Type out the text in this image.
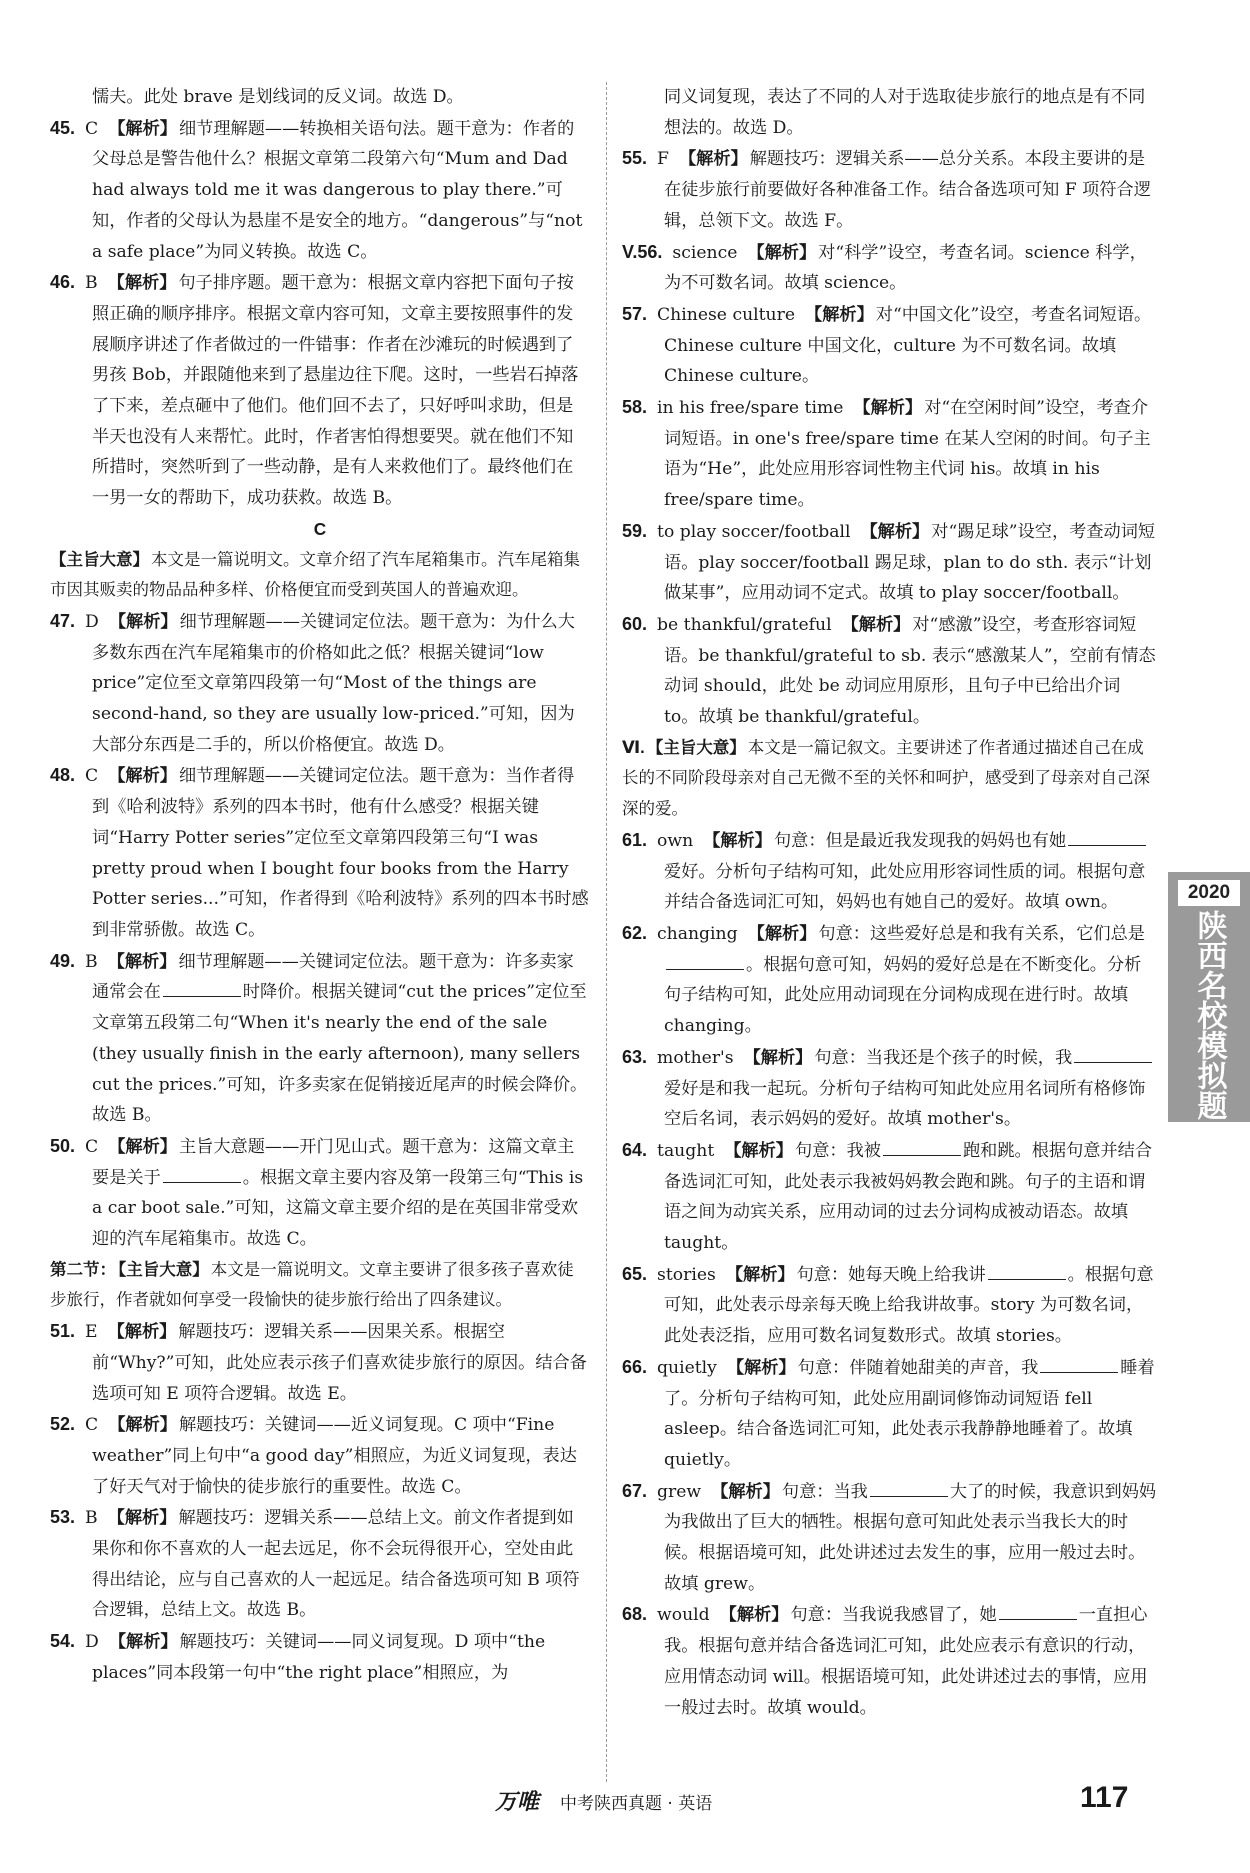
懦夫。此处 brave 是划线词的反义词。故选 D。

45. C 【解析】 细节理解题——转换相关语句法。题干意为：作者的父母总是警告他什么？根据文章第二段第六句“Mum and Dad had always told me it was dangerous to play there.”可知，作者的父母认为悬崖不是安全的地方。“dangerous”与“not a safe place”为同义转换。故选 C。

46. B 【解析】 句子排序题。题干意为：根据文章内容把下面句子按照正确的顺序排序。根据文章内容可知，文章主要按照事件的发展顺序讲述了作者做过的一件错事：作者在沙滩玩的时候遇到了男孩 Bob，并跟随他来到了悬崖边往下爬。这时，一些岩石掉落了下来，差点砸中了他们。他们回不去了，只好呼叫求助，但是半天也没有人来帮忙。此时，作者害怕得想要哭。就在他们不知所措时，突然听到了一些动静，是有人来救他们了。最终他们在一男一女的帮助下，成功获救。故选 B。

C

【主旨大意】 本文是一篇说明文。文章介绍了汽车尾箱集市。汽车尾箱集市因其贩卖的物品品种多样、价格便宜而受到英国人的普遍欢迎。

47. D 【解析】 细节理解题——关键词定位法。题干意为：为什么大多数东西在汽车尾箱集市的价格如此之低？根据关键词“low price”定位至文章第四段第一句“Most of the things are second-hand, so they are usually low-priced.”可知，因为大部分东西是二手的，所以价格便宜。故选 D。

48. C 【解析】 细节理解题——关键词定位法。题干意为：当作者得到《哈利波特》系列的四本书时，他有什么感受？根据关键词“Harry Potter series”定位至文章第四段第三句“I was pretty proud when I bought four books from the Harry Potter series...”可知，作者得到《哈利波特》系列的四本书时感到非常骄傲。故选 C。

49. B 【解析】 细节理解题——关键词定位法。题干意为：许多卖家通常会在	时降价。根据关键词“cut the prices”定位至文章第五段第二句“When it's nearly the end of the sale (they usually finish in the early afternoon), many sellers cut the prices.”可知，许多卖家在促销接近尾声的时候会降价。故选 B。

50. C 【解析】 主旨大意题——开门见山式。题干意为：这篇文章主要是关于	。根据文章主要内容及第一段第三句“This is a car boot sale.”可知，这篇文章主要介绍的是在英国非常受欢迎的汽车尾箱集市。故选 C。

第二节： 【主旨大意】 本文是一篇说明文。文章主要讲了很多孩子喜欢徒步旅行，作者就如何享受一段愉快的徒步旅行给出了四条建议。

51. E 【解析】 解题技巧：逻辑关系——因果关系。根据空前“Why?”可知，此处应表示孩子们喜欢徒步旅行的原因。结合备选项可知 E 项符合逻辑。故选 E。

52. C 【解析】 解题技巧：关键词——近义词复现。C 项中“Fine weather”同上句中“a good day”相照应，为近义词复现，表达了好天气对于愉快的徒步旅行的重要性。故选 C。

53. B 【解析】 解题技巧：逻辑关系——总结上文。前文作者提到如果你和你不喜欢的人一起去远足，你不会玩得很开心，空处由此得出结论，应与自己喜欢的人一起远足。结合备选项可知 B 项符合逻辑，总结上文。故选 B。

54. D 【解析】 解题技巧：关键词——同义词复现。D 项中“the places”同本段第一句中“the right place”相照应，为

同义词复现，表达了不同的人对于选取徒步旅行的地点是有不同想法的。故选 D。

55. F 【解析】 解题技巧：逻辑关系——总分关系。本段主要讲的是在徒步旅行前要做好各种准备工作。结合备选项可知 F 项符合逻辑，总领下文。故选 F。

V.56. science 【解析】 对“科学”设空，考查名词。science 科学，为不可数名词。故填 science。

57. Chinese culture 【解析】 对“中国文化”设空，考查名词短语。Chinese culture 中国文化，culture 为不可数名词。故填 Chinese culture。

58. in his free/spare time 【解析】 对“在空闲时间”设空，考查介词短语。in one's free/spare time 在某人空闲的时间。句子主语为“He”，此处应用形容词性物主代词 his。故填 in his free/spare time。

59. to play soccer/football 【解析】 对“踢足球”设空，考查动词短语。play soccer/football 踢足球，plan to do sth. 表示“计划做某事”，应用动词不定式。故填 to play soccer/football。

60. be thankful/grateful 【解析】 对“感激”设空，考查形容词短语。be thankful/grateful to sb. 表示“感激某人”，空前有情态动词 should，此处 be 动词应用原形，且句子中已给出介词 to。故填 be thankful/grateful。

Ⅵ. 【主旨大意】 本文是一篇记叙文。主要讲述了作者通过描述自己在成长的不同阶段母亲对自己无微不至的关怀和呵护，感受到了母亲对自己深深的爱。

61. own 【解析】 句意：但是最近我发现我的妈妈也有她爱好。分析句子结构可知，此处应用形容词性质的词。根据句意并结合备选词汇可知，妈妈也有她自己的爱好。故填 own。

62. changing 【解析】 句意：这些爱好总是和我有关系，它们总是。根据句意可知，妈妈的爱好总是在不断变化。分析句子结构可知，此处应用动词现在分词构成现在进行时。故填 changing。

63. mother's 【解析】 句意：当我还是个孩子的时候，我爱好是和我一起玩。分析句子结构可知此处应用名词所有格修饰空后名词，表示妈妈的爱好。故填 mother's。

64. taught 【解析】 句意：我被	跑和跳。根据句意并结合备选词汇可知，此处表示我被妈妈教会跑和跳。句子的主语和谓语之间为动宾关系，应用动词的过去分词构成被动语态。故填 taught。

65. stories 【解析】 句意：她每天晚上给我讲	。根据句意可知，此处表示母亲每天晚上给我讲故事。story 为可数名词，此处表泛指，应用可数名词复数形式。故填 stories。

66. quietly 【解析】 句意：伴随着她甜美的声音，我	睡着了。分析句子结构可知，此处应用副词修饰动词短语 fell asleep。结合备选词汇可知，此处表示我静静地睡着了。故填 quietly。

67. grew 【解析】 句意：当我	大了的时候，我意识到妈妈为我做出了巨大的牺牲。根据句意可知此处表示当我长大的时候。根据语境可知，此处讲述过去发生的事，应用一般过去时。故填 grew。

68. would 【解析】 句意：当我说我感冒了，她	一直担心我。根据句意并结合备选词汇可知，此处应表示有意识的行动，应用情态动词 will。根据语境可知，此处讲述过去的事情，应用一般过去时。故填 would。

2020
陕西名校模拟题
万唯 中考陕西真题 · 英语	117
